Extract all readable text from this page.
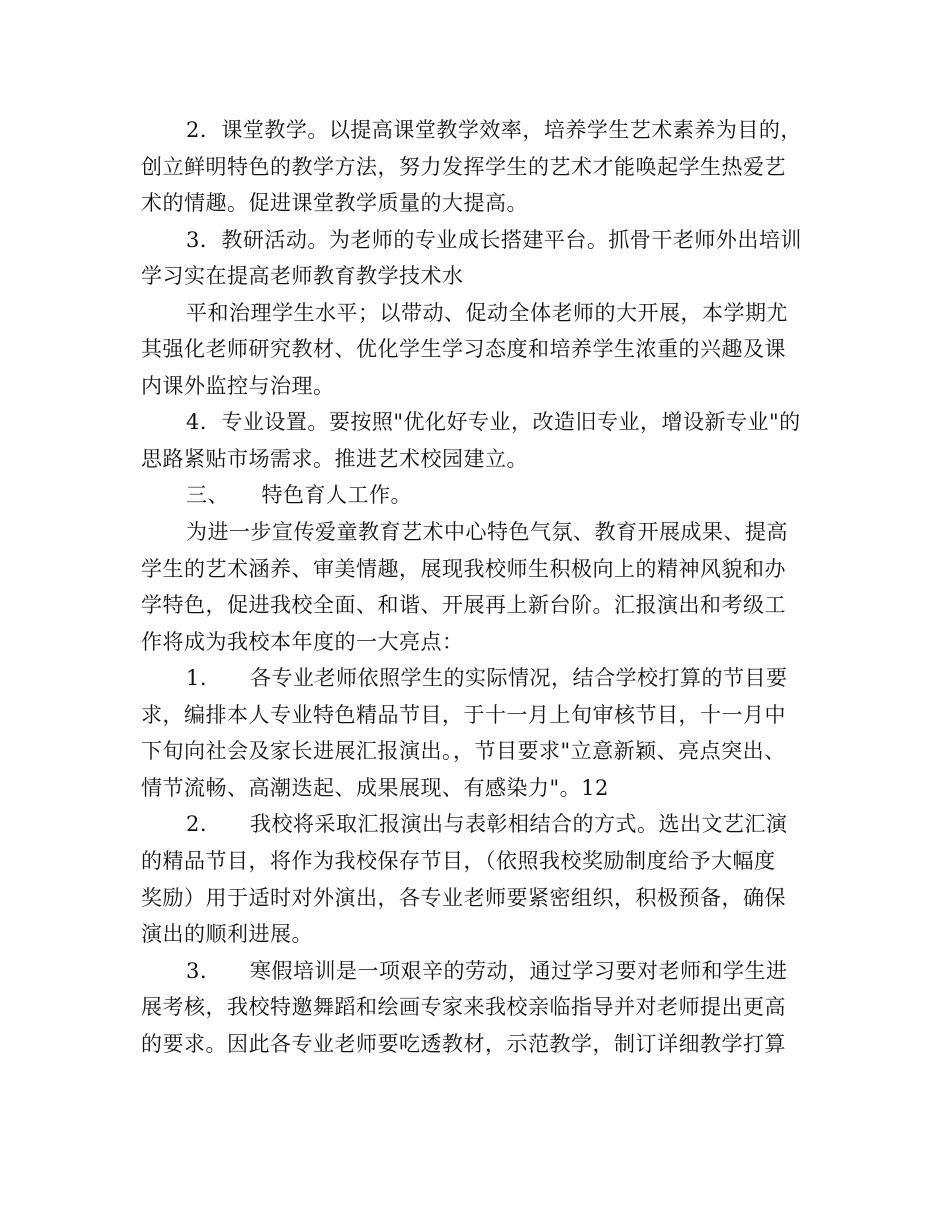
2．课堂教学。以提高课堂教学效率，培养学生艺术素养为目的，
创立鲜明特色的教学方法，努力发挥学生的艺术才能唤起学生热爱艺
术的情趣。促进课堂教学质量的大提高。
3．教研活动。为老师的专业成长搭建平台。抓骨干老师外出培训
学习实在提高老师教育教学技术水
平和治理学生水平；以带动、促动全体老师的大开展，本学期尤
其强化老师研究教材、优化学生学习态度和培养学生浓重的兴趣及课
内课外监控与治理。
4．专业设置。要按照"优化好专业，改造旧专业，增设新专业"的
思路紧贴市场需求。推进艺术校园建立。
三、　　特色育人工作。
为进一步宣传爱童教育艺术中心特色气氛、教育开展成果、提高
学生的艺术涵养、审美情趣，展现我校师生积极向上的精神风貌和办
学特色，促进我校全面、和谐、开展再上新台阶。汇报演出和考级工
作将成为我校本年度的一大亮点：
1.　　各专业老师依照学生的实际情况，结合学校打算的节目要
求，编排本人专业特色精品节目，于十一月上旬审核节目，十一月中
下旬向社会及家长进展汇报演出。，节目要求"立意新颖、亮点突出、
情节流畅、高潮迭起、成果展现、有感染力"。12
2.　　我校将采取汇报演出与表彰相结合的方式。选出文艺汇演
的精品节目，将作为我校保存节目，（依照我校奖励制度给予大幅度
奖励）用于适时对外演出，各专业老师要紧密组织，积极预备，确保
演出的顺利进展。
3.　　寒假培训是一项艰辛的劳动，通过学习要对老师和学生进
展考核，我校特邀舞蹈和绘画专家来我校亲临指导并对老师提出更高
的要求。因此各专业老师要吃透教材，示范教学，制订详细教学打算
